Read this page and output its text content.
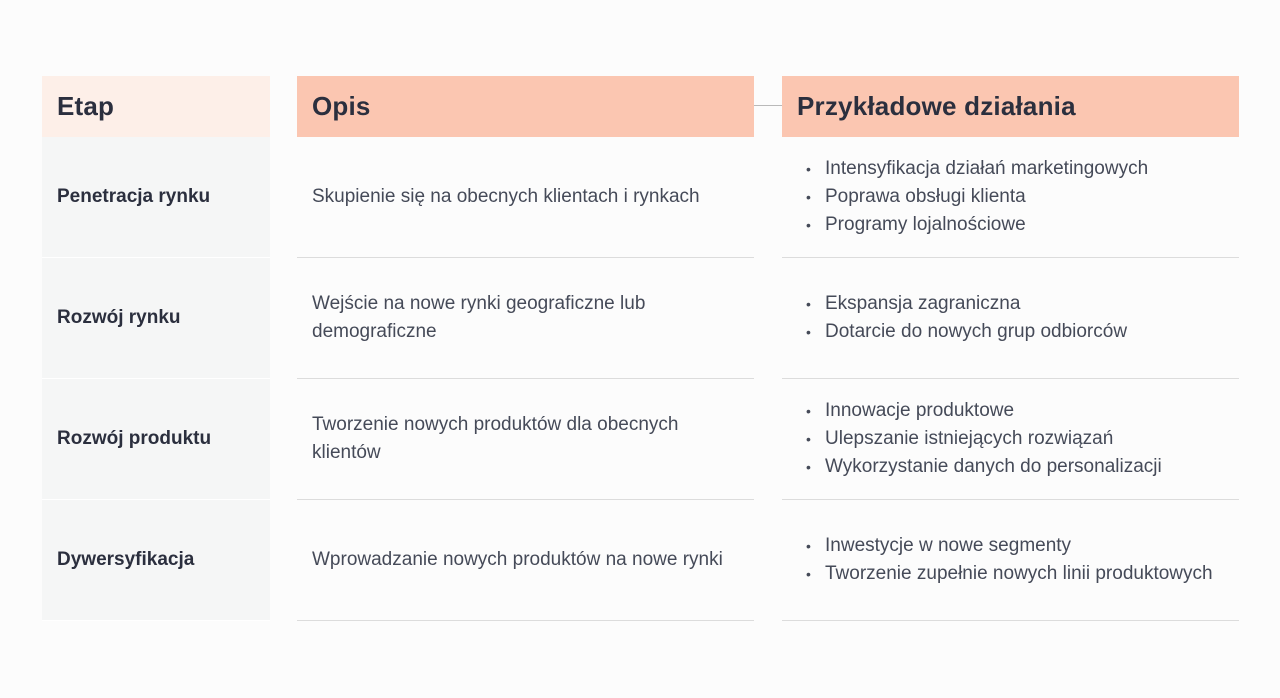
Etap
Penetracja rynku
Rozwój rynku
Rozwój produktu
Dywersyfikacja
Opis
Skupienie się na obecnych klientach i rynkach
Wejście na nowe rynki geograficzne lub demograficzne
Tworzenie nowych produktów dla obecnych klientów
Wprowadzanie nowych produktów na nowe rynki
Przykładowe działania
• Intensyfikacja działań marketingowych
• Poprawa obsługi klienta
• Programy lojalnościowe
• Ekspansja zagraniczna
• Dotarcie do nowych grup odbiorców
• Innowacje produktowe
• Ulepszanie istniejących rozwiązań
• Wykorzystanie danych do personalizacji
• Inwestycje w nowe segmenty
• Tworzenie zupełnie nowych linii produktowych
